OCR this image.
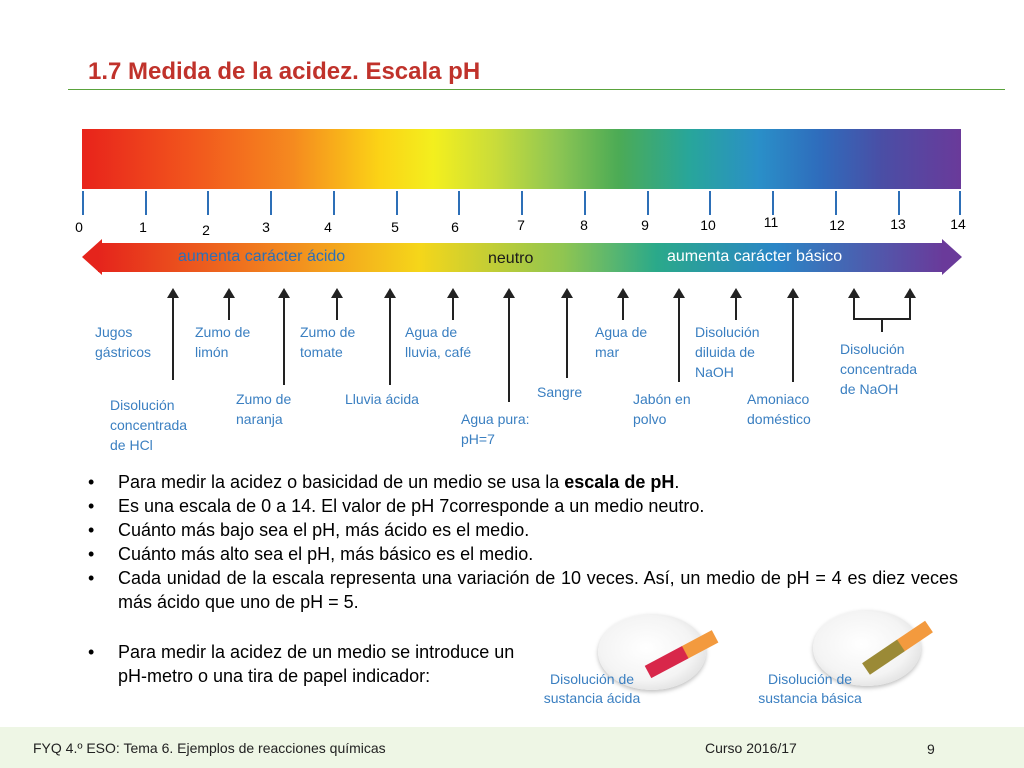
1.7 Medida de la acidez. Escala pH
0	1	2	3	4	5	6	7	8	9	10	11	12	13	14
aumenta carácter ácido	neutro	aumenta carácter básico
Jugos
gástricos
Disolución
concentrada
de HCl
Zumo de
limón
Zumo de
naranja
Zumo de
tomate
Lluvia ácida
Agua de
lluvia, café
Agua pura:
pH=7
Sangre
Agua de
mar
Jabón en
polvo
Disolución
diluida de
NaOH
Amoniaco
doméstico
Disolución
concentrada
de NaOH
• Para medir la acidez o basicidad de un medio se usa la escala de pH.
• Es una escala de 0 a 14. El valor de pH 7corresponde a un medio neutro.
• Cuánto más bajo sea el pH, más ácido es el medio.
• Cuánto más alto sea el pH, más básico es el medio.
• Cada unidad de la escala representa una variación de 10 veces. Así, un medio de pH = 4 es diez veces más ácido que uno de pH = 5.
•	Para medir la acidez de un medio se introduce un pH-metro o una tira de papel indicador:	Disolución de
sustancia ácida
Disolución de
sustancia básica
FYQ 4.º ESO: Tema 6. Ejemplos de reacciones químicas	Curso 2016/17	9
